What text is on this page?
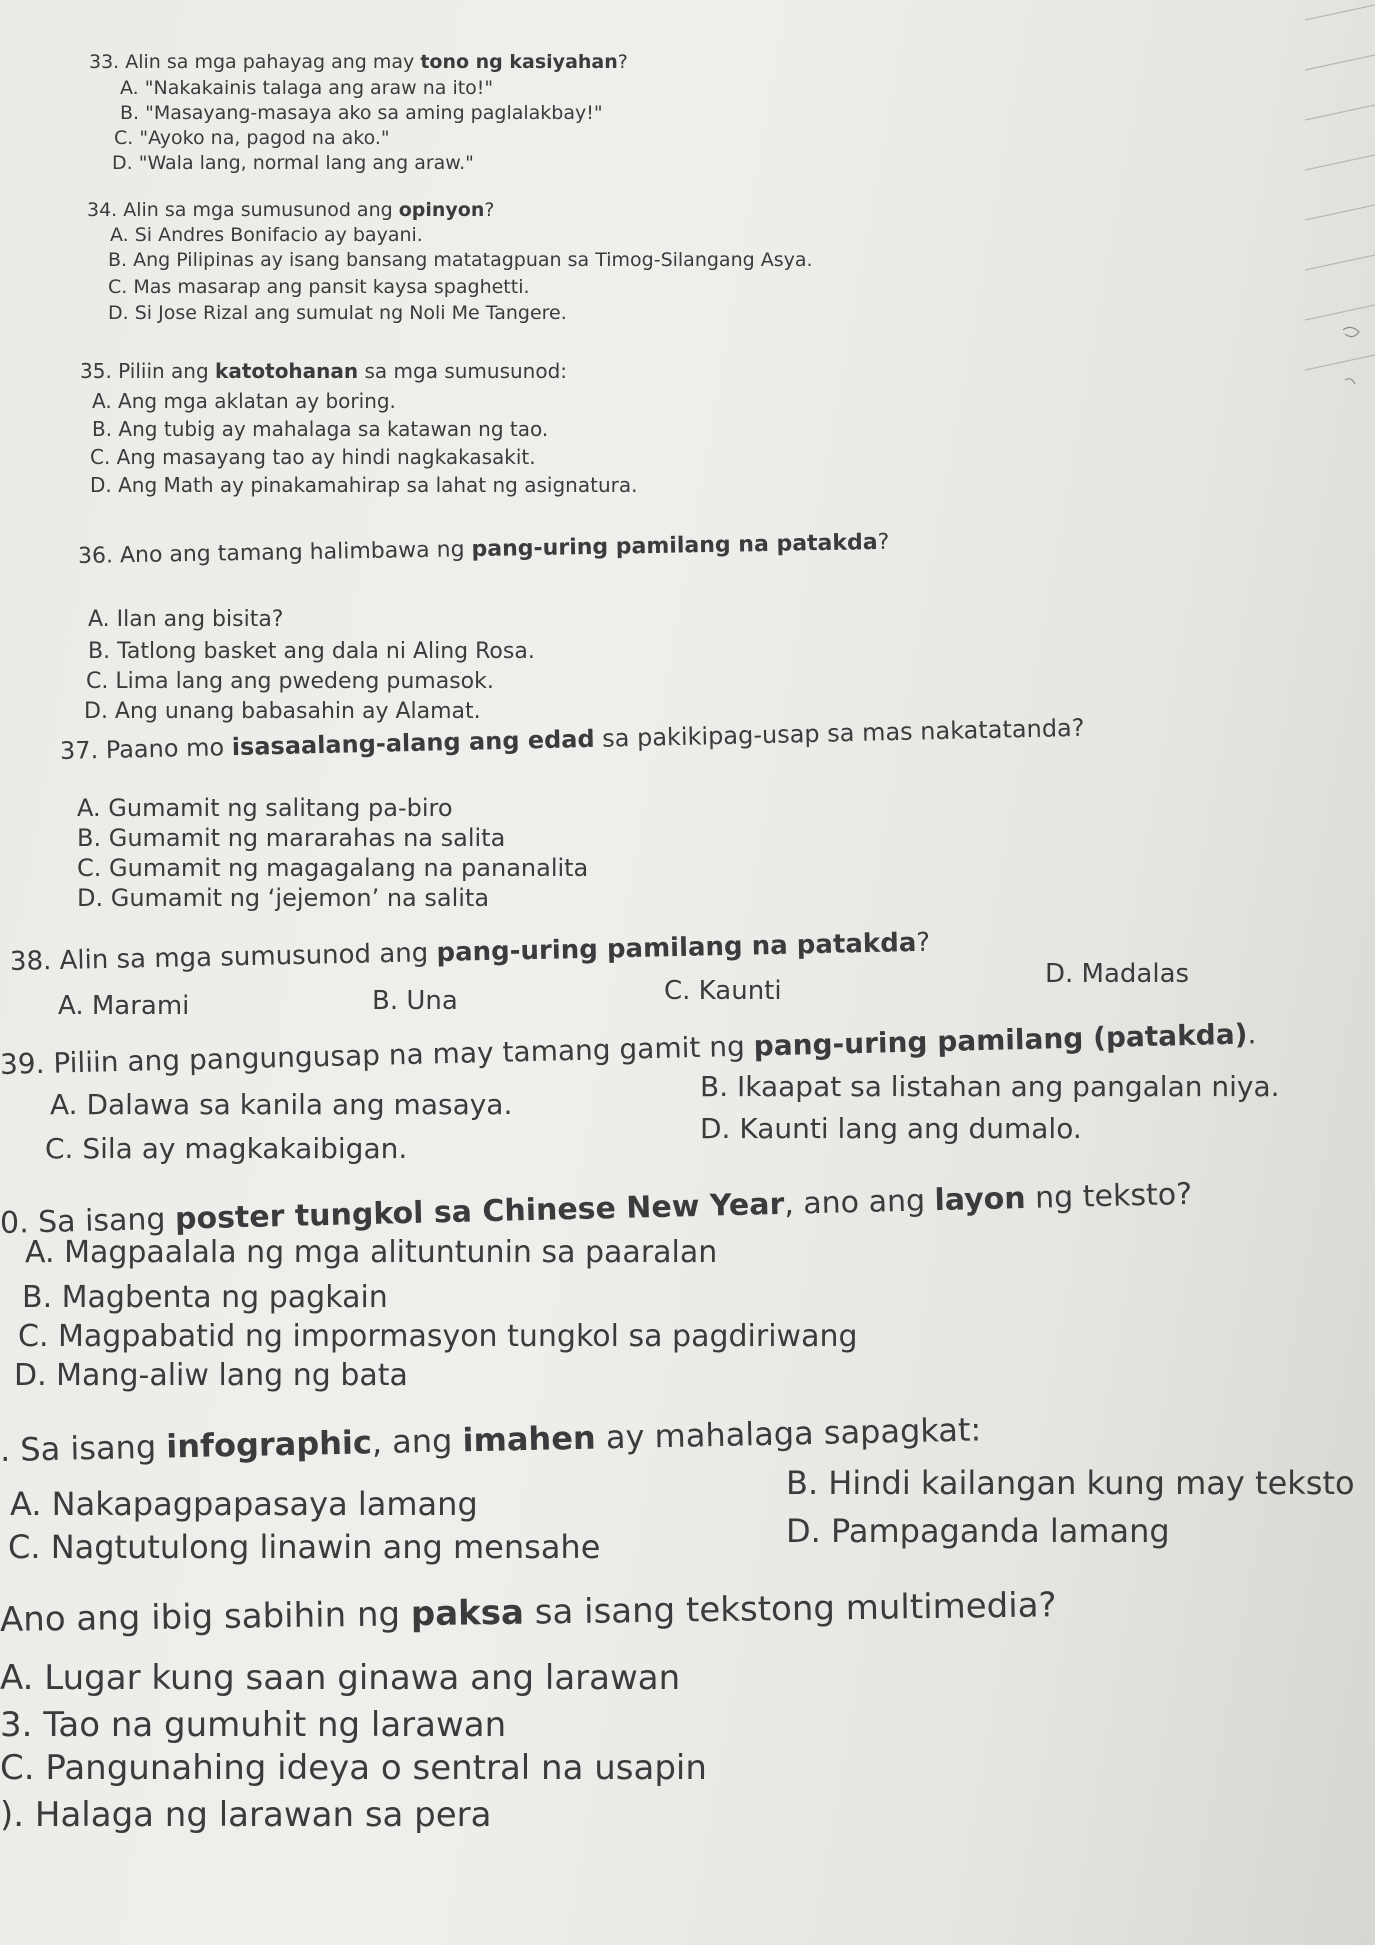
33. Alin sa mga pahayag ang may tono ng kasiyahan?
A. "Nakakainis talaga ang araw na ito!"
B. "Masayang-masaya ako sa aming paglalakbay!"
C. "Ayoko na, pagod na ako."
D. "Wala lang, normal lang ang araw."
34. Alin sa mga sumusunod ang opinyon?
A. Si Andres Bonifacio ay bayani.
B. Ang Pilipinas ay isang bansang matatagpuan sa Timog-Silangang Asya.
C. Mas masarap ang pansit kaysa spaghetti.
D. Si Jose Rizal ang sumulat ng Noli Me Tangere.
35. Piliin ang katotohanan sa mga sumusunod:
A. Ang mga aklatan ay boring.
B. Ang tubig ay mahalaga sa katawan ng tao.
C. Ang masayang tao ay hindi nagkakasakit.
D. Ang Math ay pinakamahirap sa lahat ng asignatura.
36. Ano ang tamang halimbawa ng pang-uring pamilang na patakda?
A. Ilan ang bisita?
B. Tatlong basket ang dala ni Aling Rosa.
C. Lima lang ang pwedeng pumasok.
D. Ang unang babasahin ay Alamat.
37. Paano mo isasaalang-alang ang edad sa pakikipag-usap sa mas nakatatanda?
A. Gumamit ng salitang pa-biro
B. Gumamit ng mararahas na salita
C. Gumamit ng magagalang na pananalita
D. Gumamit ng ‘jejemon’ na salita
38. Alin sa mga sumusunod ang pang-uring pamilang na patakda?
A. Marami	B. Una	C. Kaunti
D. Madalas
39. Piliin ang pangungusap na may tamang gamit ng pang-uring pamilang (patakda).
A. Dalawa sa kanila ang masaya.
B. Ikaapat sa listahan ang pangalan niya.
C. Sila ay magkakaibigan.
D. Kaunti lang ang dumalo.
0. Sa isang poster tungkol sa Chinese New Year, ano ang layon ng teksto?
A. Magpaalala ng mga alituntunin sa paaralan
B. Magbenta ng pagkain
C. Magpabatid ng impormasyon tungkol sa pagdiriwang
D. Mang-aliw lang ng bata
. Sa isang infographic, ang imahen ay mahalaga sapagkat:
A. Nakapagpapasaya lamang
B. Hindi kailangan kung may teksto
C. Nagtutulong linawin ang mensahe	D. Pampaganda lamang
Ano ang ibig sabihin ng paksa sa isang tekstong multimedia?
A. Lugar kung saan ginawa ang larawan
3. Tao na gumuhit ng larawan
C. Pangunahing ideya o sentral na usapin
). Halaga ng larawan sa pera
